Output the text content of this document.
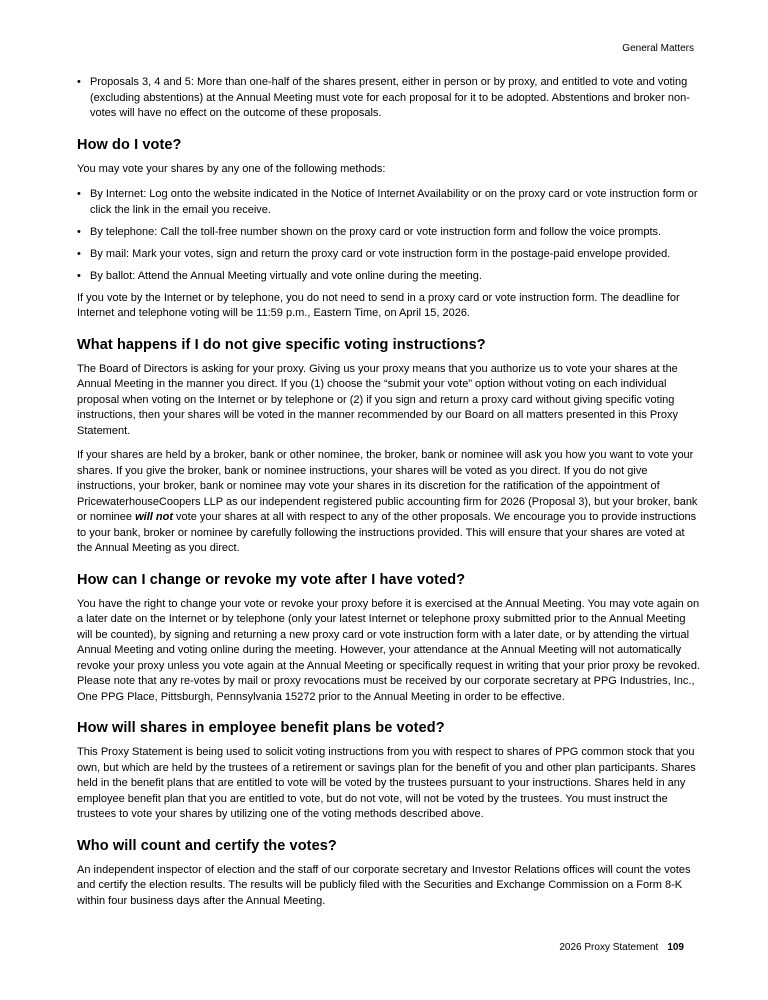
General Matters
• Proposals 3, 4 and 5: More than one-half of the shares present, either in person or by proxy, and entitled to vote and voting (excluding abstentions) at the Annual Meeting must vote for each proposal for it to be adopted. Abstentions and broker non-votes will have no effect on the outcome of these proposals.
How do I vote?

You may vote your shares by any one of the following methods:

• By Internet: Log onto the website indicated in the Notice of Internet Availability or on the proxy card or vote instruction form or click the link in the email you receive.
• By telephone: Call the toll-free number shown on the proxy card or vote instruction form and follow the voice prompts.
• By mail: Mark your votes, sign and return the proxy card or vote instruction form in the postage-paid envelope provided.
• By ballot: Attend the Annual Meeting virtually and vote online during the meeting.

If you vote by the Internet or by telephone, you do not need to send in a proxy card or vote instruction form. The deadline for Internet and telephone voting will be 11:59 p.m., Eastern Time, on April 15, 2026.

What happens if I do not give specific voting instructions?

The Board of Directors is asking for your proxy. Giving us your proxy means that you authorize us to vote your shares at the Annual Meeting in the manner you direct. If you (1) choose the “submit your vote” option without voting on each individual proposal when voting on the Internet or by telephone or (2) if you sign and return a proxy card without giving specific voting instructions, then your shares will be voted in the manner recommended by our Board on all matters presented in this Proxy Statement.

If your shares are held by a broker, bank or other nominee, the broker, bank or nominee will ask you how you want to vote your shares. If you give the broker, bank or nominee instructions, your shares will be voted as you direct. If you do not give instructions, your broker, bank or nominee may vote your shares in its discretion for the ratification of the appointment of PricewaterhouseCoopers LLP as our independent registered public accounting firm for 2026 (Proposal 3), but your broker, bank or nominee will not vote your shares at all with respect to any of the other proposals. We encourage you to provide instructions to your bank, broker or nominee by carefully following the instructions provided. This will ensure that your shares are voted at the Annual Meeting as you direct.

How can I change or revoke my vote after I have voted?

You have the right to change your vote or revoke your proxy before it is exercised at the Annual Meeting. You may vote again on a later date on the Internet or by telephone (only your latest Internet or telephone proxy submitted prior to the Annual Meeting will be counted), by signing and returning a new proxy card or vote instruction form with a later date, or by attending the virtual Annual Meeting and voting online during the meeting. However, your attendance at the Annual Meeting will not automatically revoke your proxy unless you vote again at the Annual Meeting or specifically request in writing that your prior proxy be revoked. Please note that any re-votes by mail or proxy revocations must be received by our corporate secretary at PPG Industries, Inc., One PPG Place, Pittsburgh, Pennsylvania 15272 prior to the Annual Meeting in order to be effective.

How will shares in employee benefit plans be voted?

This Proxy Statement is being used to solicit voting instructions from you with respect to shares of PPG common stock that you own, but which are held by the trustees of a retirement or savings plan for the benefit of you and other plan participants. Shares held in the benefit plans that are entitled to vote will be voted by the trustees pursuant to your instructions. Shares held in any employee benefit plan that you are entitled to vote, but do not vote, will not be voted by the trustees. You must instruct the trustees to vote your shares by utilizing one of the voting methods described above.

Who will count and certify the votes?

An independent inspector of election and the staff of our corporate secretary and Investor Relations offices will count the votes and certify the election results. The results will be publicly filed with the Securities and Exchange Commission on a Form 8-K within four business days after the Annual Meeting.

2026 Proxy Statement 109
